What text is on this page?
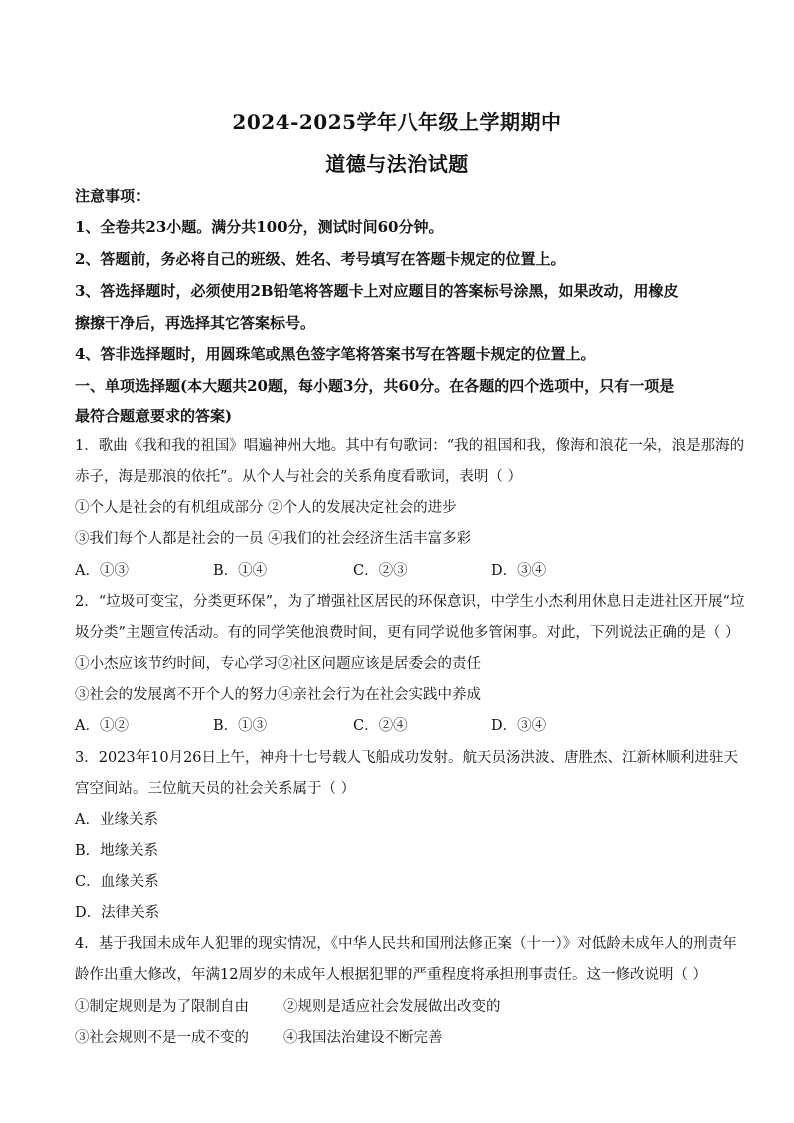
2024-2025学年八年级上学期期中
道德与法治试题
注意事项：
1、全卷共23小题。满分共100分，测试时间60分钟。
2、答题前，务必将自己的班级、姓名、考号填写在答题卡规定的位置上。
3、答选择题时，必须使用2B铅笔将答题卡上对应题目的答案标号涂黑，如果改动，用橡皮
擦擦干净后，再选择其它答案标号。
4、答非选择题时，用圆珠笔或黑色签字笔将答案书写在答题卡规定的位置上。
一、单项选择题(本大题共20题，每小题3分，共60分。在各题的四个选项中，只有一项是
最符合题意要求的答案)
1．歌曲《我和我的祖国》唱遍神州大地。其中有句歌词：“我的祖国和我，像海和浪花一朵，浪是那海的
赤子，海是那浪的依托”。从个人与社会的关系角度看歌词，表明（ ）
①个人是社会的有机组成部分 ②个人的发展决定社会的进步
③我们每个人都是社会的一员 ④我们的社会经济生活丰富多彩
A．①③	B．①④	C．②③	D．③④
2．“垃圾可变宝，分类更环保”，为了增强社区居民的环保意识，中学生小杰利用休息日走进社区开展“垃
圾分类”主题宣传活动。有的同学笑他浪费时间，更有同学说他多管闲事。对此，下列说法正确的是（ ）
①小杰应该节约时间，专心学习②社区问题应该是居委会的责任
③社会的发展离不开个人的努力④亲社会行为在社会实践中养成
A．①②	B．①③	C．②④	D．③④
3．2023年10月26日上午，神舟十七号载人飞船成功发射。航天员汤洪波、唐胜杰、江新林顺利进驻天
宫空间站。三位航天员的社会关系属于（ ）
A．业缘关系
B．地缘关系
C．血缘关系
D．法律关系
4．基于我国未成年人犯罪的现实情况，《中华人民共和国刑法修正案（十一）》对低龄未成年人的刑责年
龄作出重大修改，年满12周岁的未成年人根据犯罪的严重程度将承担刑事责任。这一修改说明（ ）
①制定规则是为了限制自由 ②规则是适应社会发展做出改变的
③社会规则不是一成不变的 ④我国法治建设不断完善
